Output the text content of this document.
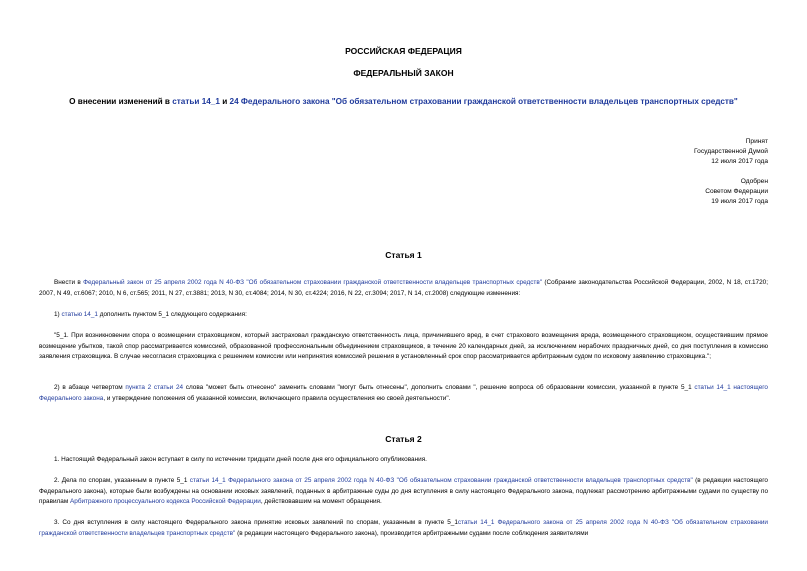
РОССИЙСКАЯ ФЕДЕРАЦИЯ
ФЕДЕРАЛЬНЫЙ ЗАКОН
О внесении изменений в статьи 14_1 и 24 Федерального закона "Об обязательном страховании гражданской ответственности владельцев транспортных средств"
Принят
Государственной Думой
12 июля 2017 года
Одобрен
Советом Федерации
19 июля 2017 года
Статья 1
Внести в Федеральный закон от 25 апреля 2002 года N 40-ФЗ "Об обязательном страховании гражданской ответственности владельцев транспортных средств" (Собрание законодательства Российской Федерации, 2002, N 18, ст.1720; 2007, N 49, ст.6067; 2010, N 6, ст.565; 2011, N 27, ст.3881; 2013, N 30, ст.4084; 2014, N 30, ст.4224; 2016, N 22, ст.3094; 2017, N 14, ст.2008) следующие изменения:
1) статью 14_1 дополнить пунктом 5_1 следующего содержания:
"5_1. При возникновении спора о возмещении страховщиком, который застраховал гражданскую ответственность лица, причинившего вред, в счет страхового возмещения вреда, возмещенного страховщиком, осуществившим прямое возмещение убытков, такой спор рассматривается комиссией, образованной профессиональным объединением страховщиков, в течение 20 календарных дней, за исключением нерабочих праздничных дней, со дня поступления в комиссию заявления страховщика. В случае несогласия страховщика с решением комиссии или непринятия комиссией решения в установленный срок спор рассматривается арбитражным судом по исковому заявлению страховщика.";
2) в абзаце четвертом пункта 2 статьи 24 слова "может быть отнесено" заменить словами "могут быть отнесены", дополнить словами ", решение вопроса об образовании комиссии, указанной в пункте 5_1 статьи 14_1 настоящего Федерального закона, и утверждение положения об указанной комиссии, включающего правила осуществления ею своей деятельности".
Статья 2
1. Настоящий Федеральный закон вступает в силу по истечении тридцати дней после дня его официального опубликования.
2. Дела по спорам, указанным в пункте 5_1 статьи 14_1 Федерального закона от 25 апреля 2002 года N 40-ФЗ "Об обязательном страховании гражданской ответственности владельцев транспортных средств" (в редакции настоящего Федерального закона), которые были возбуждены на основании исковых заявлений, поданных в арбитражные суды до дня вступления в силу настоящего Федерального закона, подлежат рассмотрению арбитражными судами по существу по правилам Арбитражного процессуального кодекса Российской Федерации, действовавшим на момент обращения.
3. Со дня вступления в силу настоящего Федерального закона принятие исковых заявлений по спорам, указанным в пункте 5_1статьи 14_1 Федерального закона от 25 апреля 2002 года N 40-ФЗ "Об обязательном страховании гражданской ответственности владельцев транспортных средств" (в редакции настоящего Федерального закона), производится арбитражными судами после соблюдения заявителями
